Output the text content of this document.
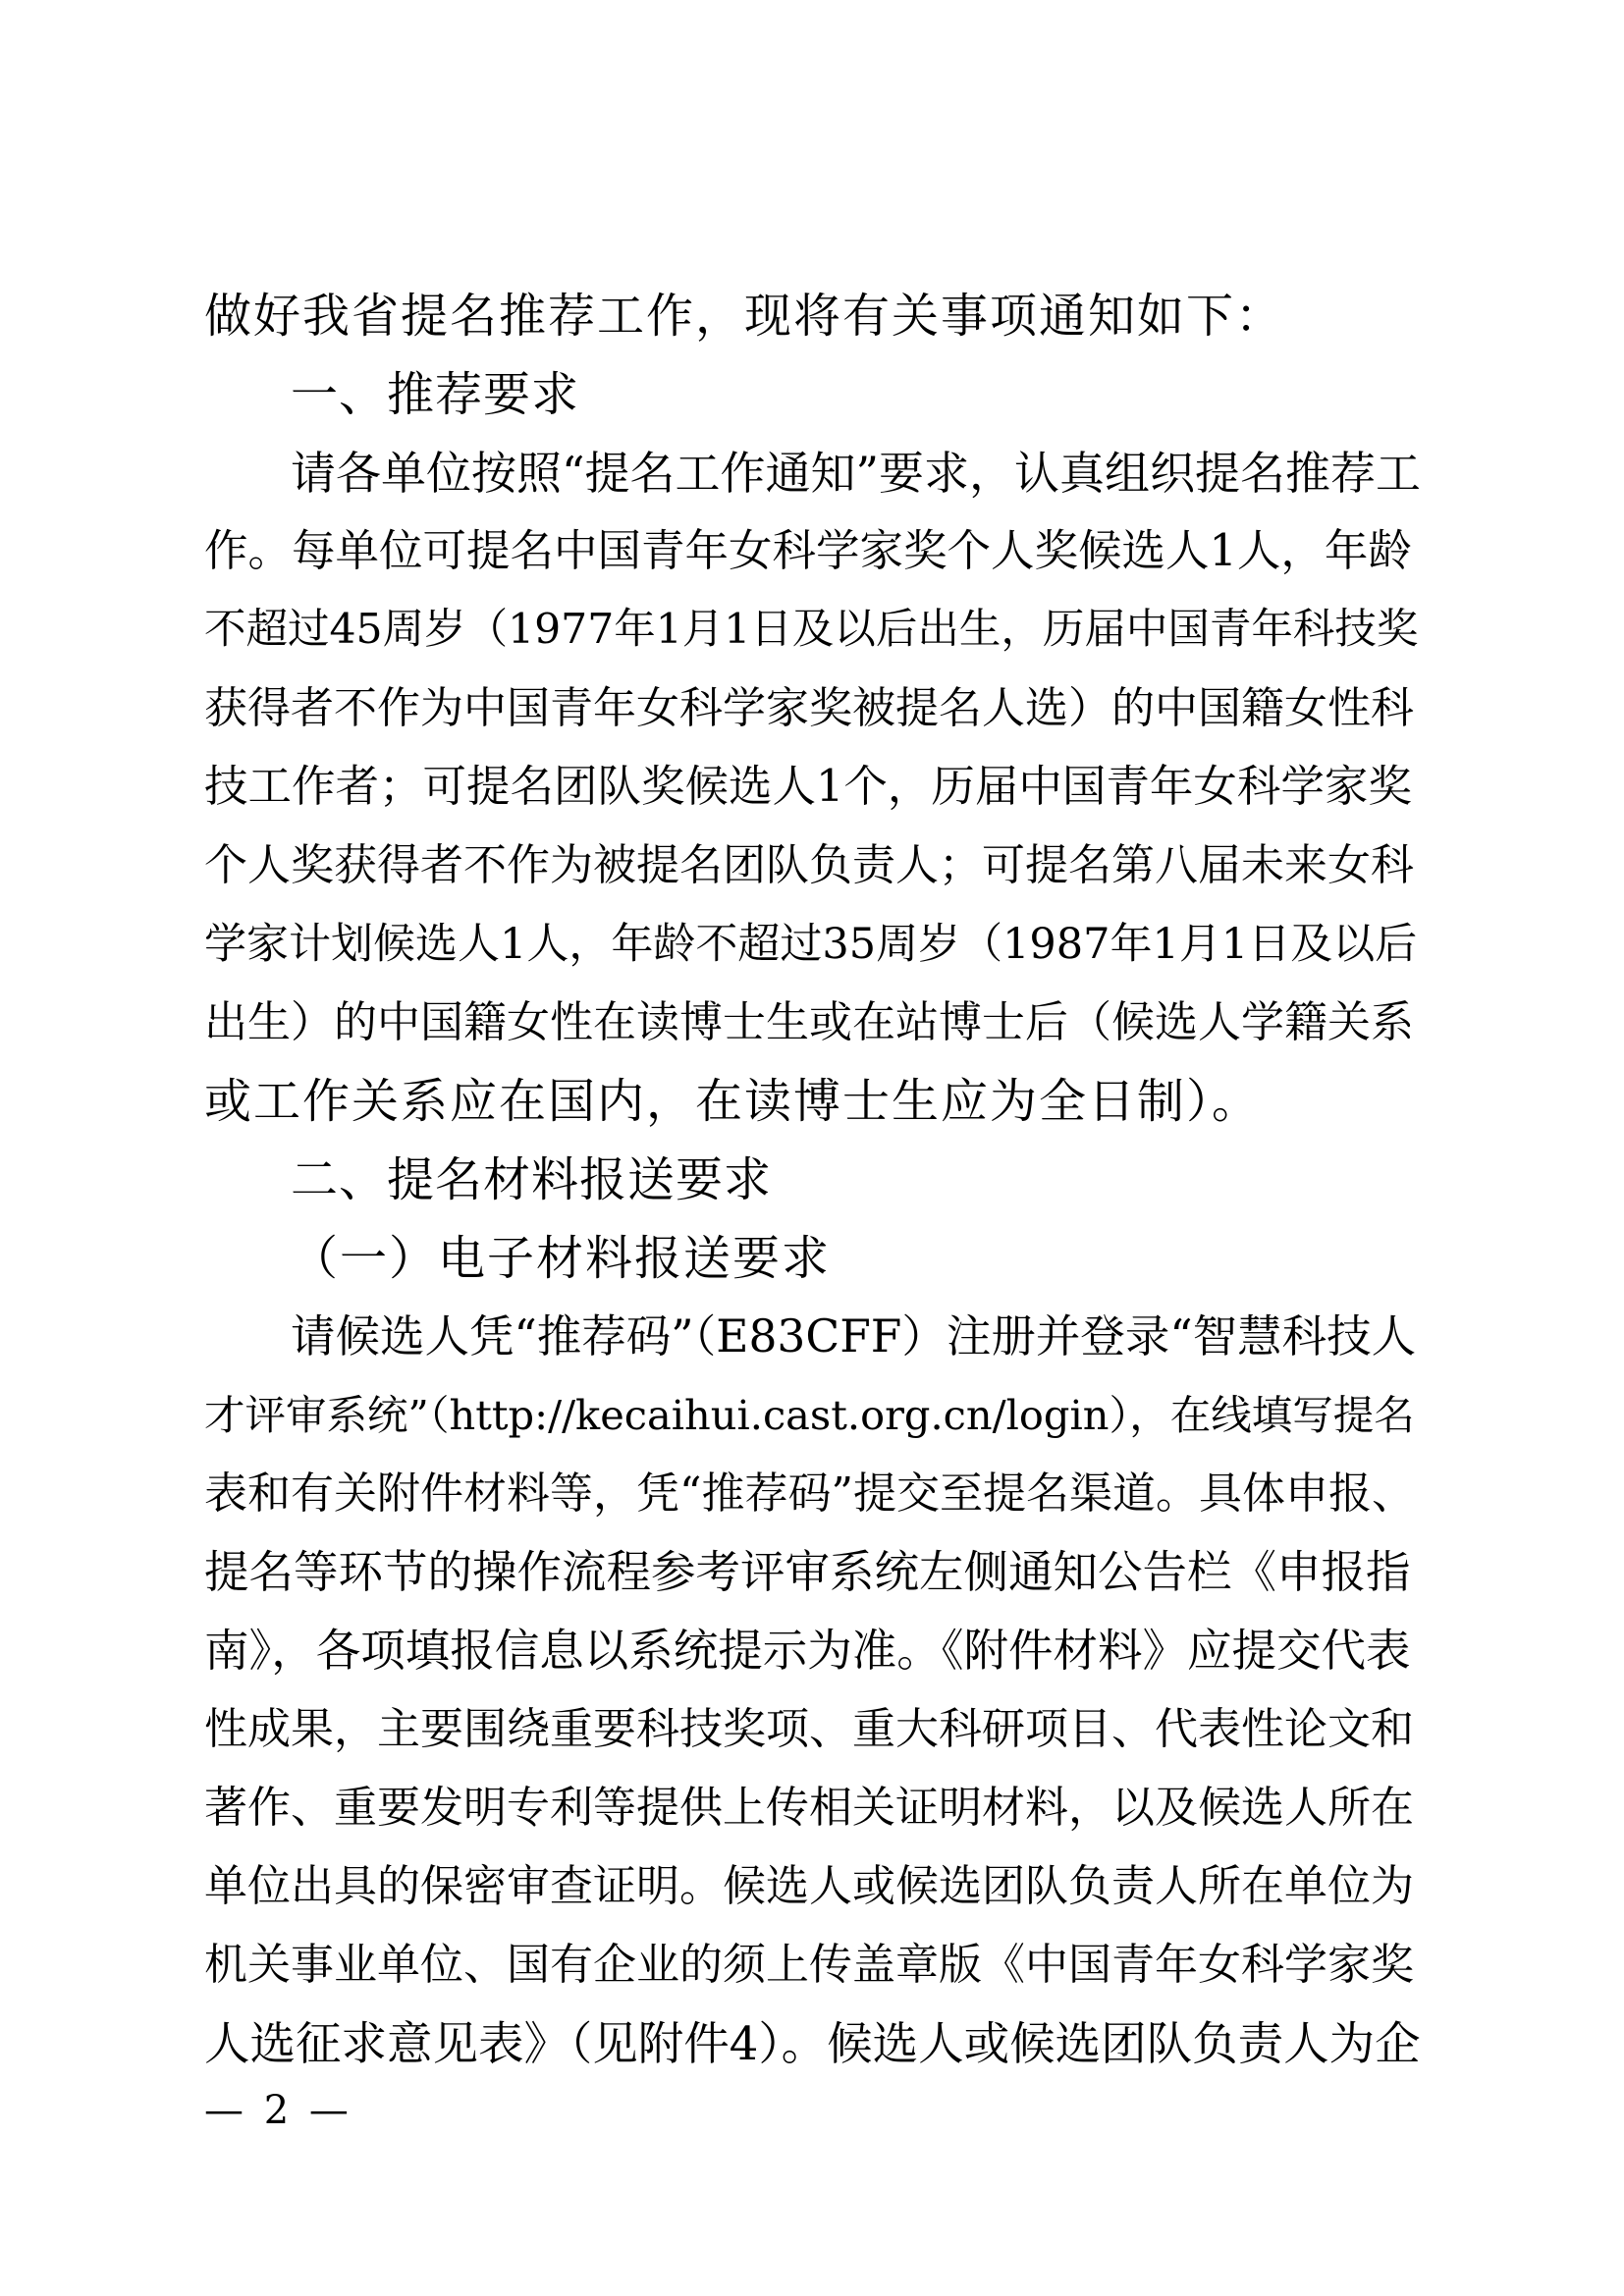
做好我省提名推荐工作，现将有关事项通知如下：
一、推荐要求
请各单位按照“提名工作通知”要求，认真组织提名推荐工
作。每单位可提名中国青年女科学家奖个人奖候选人1人，年龄
不超过45周岁（1977年1月1日及以后出生，历届中国青年科技奖
获得者不作为中国青年女科学家奖被提名人选）的中国籍女性科
技工作者；可提名团队奖候选人1个，历届中国青年女科学家奖
个人奖获得者不作为被提名团队负责人；可提名第八届未来女科
学家计划候选人1人，年龄不超过35周岁（1987年1月1日及以后
出生）的中国籍女性在读博士生或在站博士后（候选人学籍关系
或工作关系应在国内，在读博士生应为全日制）。
二、提名材料报送要求
（一）电子材料报送要求
请候选人凭“推荐码”（E83CFF）注册并登录“智慧科技人
才评审系统”（http://kecaihui.cast.org.cn/login），在线填写提名
表和有关附件材料等，凭“推荐码”提交至提名渠道。具体申报、
提名等环节的操作流程参考评审系统左侧通知公告栏《申报指
南》，各项填报信息以系统提示为准。《附件材料》应提交代表
性成果，主要围绕重要科技奖项、重大科研项目、代表性论文和
著作、重要发明专利等提供上传相关证明材料，以及候选人所在
单位出具的保密审查证明。候选人或候选团队负责人所在单位为
机关事业单位、国有企业的须上传盖章版《中国青年女科学家奖
人选征求意见表》（见附件4）。候选人或候选团队负责人为企
— 2 —
